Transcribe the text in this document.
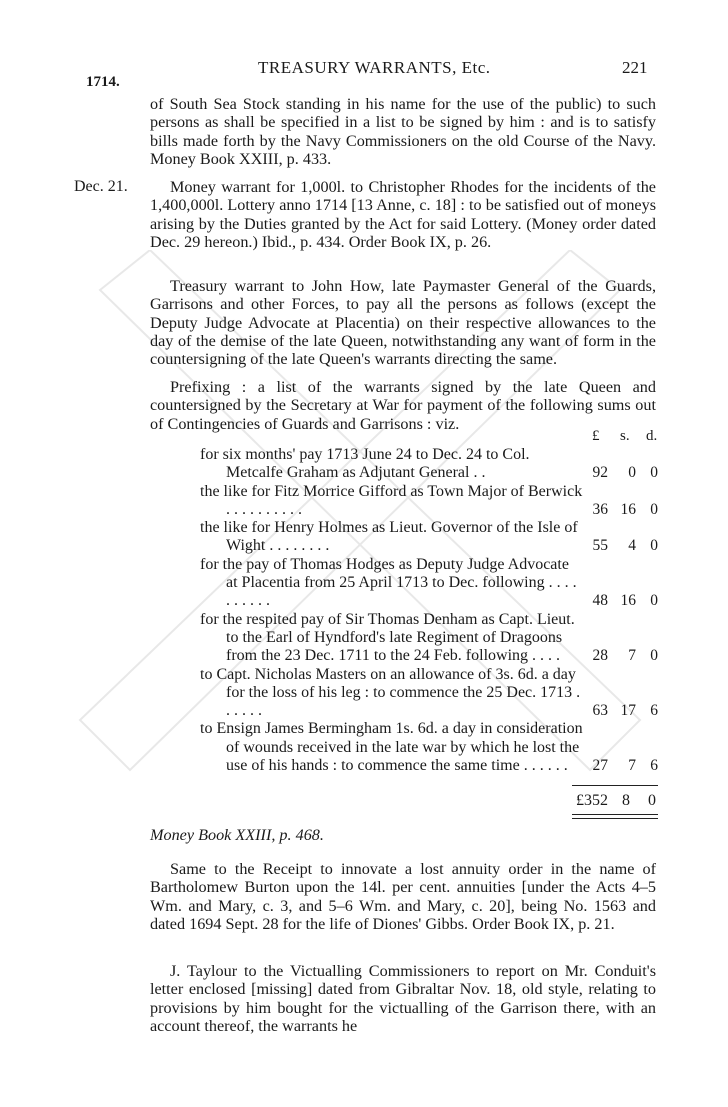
TREASURY WARRANTS, Etc.	221
1714.
of South Sea Stock standing in his name for the use of the public) to such persons as shall be specified in a list to be signed by him : and is to satisfy bills made forth by the Navy Commissioners on the old Course of the Navy. Money Book XXIII, p. 433.
Dec. 21.	Money warrant for 1,000l. to Christopher Rhodes for the incidents of the 1,400,000l. Lottery anno 1714 [13 Anne, c. 18] : to be satisfied out of moneys arising by the Duties granted by the Act for said Lottery. (Money order dated Dec. 29 hereon.) Ibid., p. 434. Order Book IX, p. 26.
Treasury warrant to John How, late Paymaster General of the Guards, Garrisons and other Forces, to pay all the persons as follows (except the Deputy Judge Advocate at Placentia) on their respective allowances to the day of the demise of the late Queen, notwithstanding any want of form in the countersigning of the late Queen's warrants directing the same.
Prefixing : a list of the warrants signed by the late Queen and countersigned by the Secretary at War for payment of the following sums out of Contingencies of Guards and Garrisons : viz.
£ s. d.
for six months' pay 1713 June 24 to Dec. 24 to Col. Metcalfe Graham as Adjutant General . .	92	0 0
the like for Fitz Morrice Gifford as Town Major of Berwick . . . . . . . . . .	36 16 0
the like for Henry Holmes as Lieut. Governor of the Isle of Wight . . . . . . . .	55	4 0
for the pay of Thomas Hodges as Deputy Judge Advocate at Placentia from 25 April 1713 to Dec. following . . . . . . . . . .	48 16 0
for the respited pay of Sir Thomas Denham as Capt. Lieut. to the Earl of Hyndford's late Regiment of Dragoons from the 23 Dec. 1711 to the 24 Feb. following . . . .	28	7 0
to Capt. Nicholas Masters on an allowance of 3s. 6d. a day for the loss of his leg : to commence the 25 Dec. 1713 . . . . . .	63 17 6
to Ensign James Bermingham 1s. 6d. a day in consideration of wounds received in the late war by which he lost the use of his hands : to commence the same time . . . . . .	27	7 6
£352 8 0
Money Book XXIII, p. 468.
Same to the Receipt to innovate a lost annuity order in the name of Bartholomew Burton upon the 14l. per cent. annuities [under the Acts 4–5 Wm. and Mary, c. 3, and 5–6 Wm. and Mary, c. 20], being No. 1563 and dated 1694 Sept. 28 for the life of Diones' Gibbs. Order Book IX, p. 21.
J. Taylour to the Victualling Commissioners to report on Mr. Conduit's letter enclosed [missing] dated from Gibraltar Nov. 18, old style, relating to provisions by him bought for the victualling of the Garrison there, with an account thereof, the warrants he
